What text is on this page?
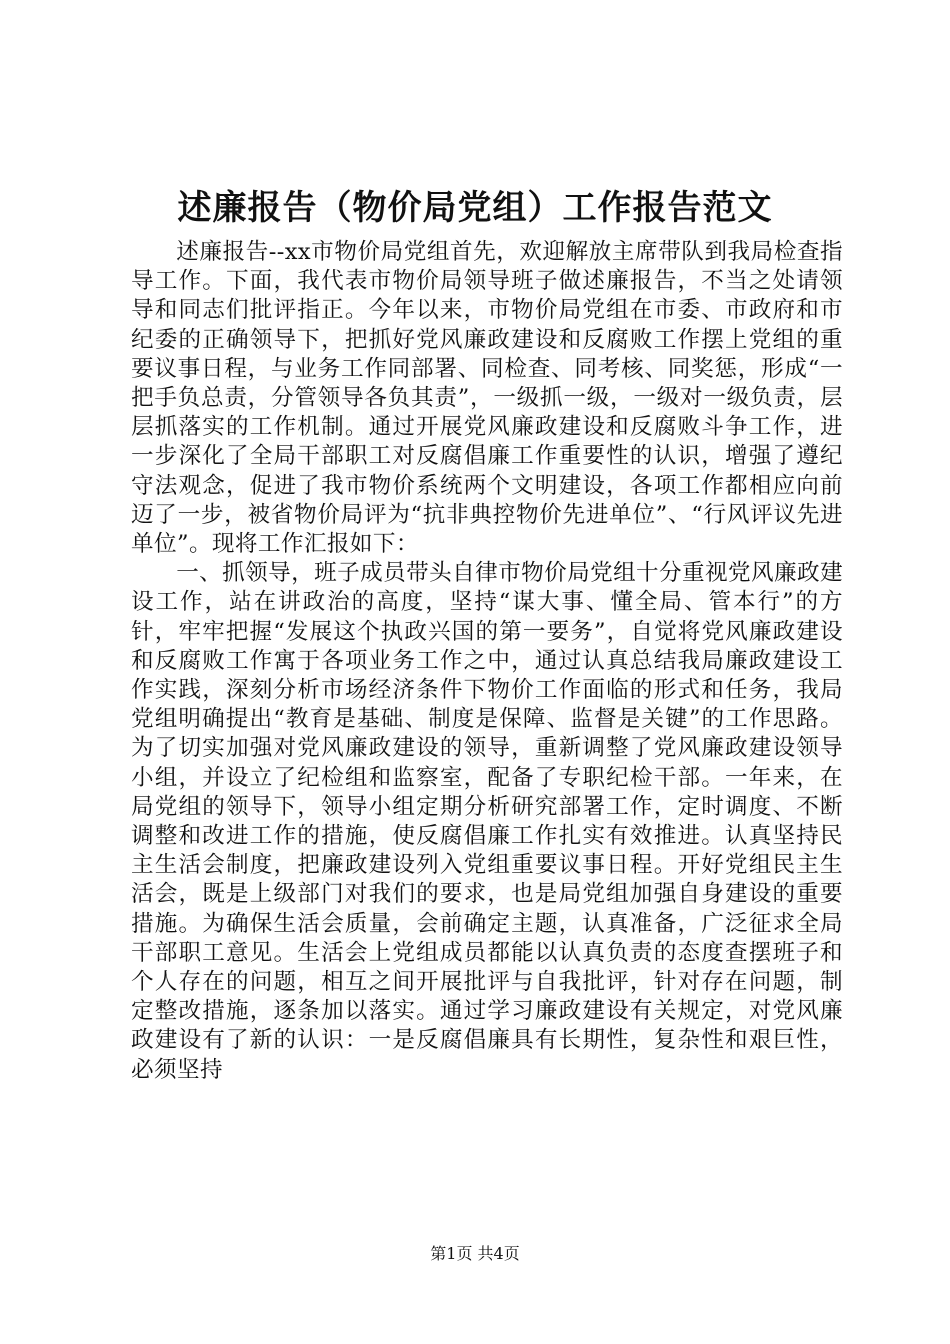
述廉报告（物价局党组）工作报告范文

述廉报告--xx市物价局党组首先，欢迎解放主席带队到我局检查指导工作。下面，我代表市物价局领导班子做述廉报告，不当之处请领导和同志们批评指正。今年以来，市物价局党组在市委、市政府和市纪委的正确领导下，把抓好党风廉政建设和反腐败工作摆上党组的重要议事日程，与业务工作同部署、同检查、同考核、同奖惩，形成“一把手负总责，分管领导各负其责”，一级抓一级，一级对一级负责，层层抓落实的工作机制。通过开展党风廉政建设和反腐败斗争工作，进一步深化了全局干部职工对反腐倡廉工作重要性的认识，增强了遵纪守法观念，促进了我市物价系统两个文明建设，各项工作都相应向前迈了一步，被省物价局评为“抗非典控物价先进单位”、“行风评议先进单位”。现将工作汇报如下：

一、抓领导，班子成员带头自律市物价局党组十分重视党风廉政建设工作，站在讲政治的高度，坚持“谋大事、懂全局、管本行”的方针，牢牢把握“发展这个执政兴国的第一要务”，自觉将党风廉政建设和反腐败工作寓于各项业务工作之中，通过认真总结我局廉政建设工作实践，深刻分析市场经济条件下物价工作面临的形式和任务，我局党组明确提出“教育是基础、制度是保障、监督是关键”的工作思路。为了切实加强对党风廉政建设的领导，重新调整了党风廉政建设领导小组，并设立了纪检组和监察室，配备了专职纪检干部。一年来，在局党组的领导下，领导小组定期分析研究部署工作，定时调度、不断调整和改进工作的措施，使反腐倡廉工作扎实有效推进。认真坚持民主生活会制度，把廉政建设列入党组重要议事日程。开好党组民主生活会，既是上级部门对我们的要求，也是局党组加强自身建设的重要措施。为确保生活会质量，会前确定主题，认真准备，广泛征求全局干部职工意见。生活会上党组成员都能以认真负责的态度查摆班子和个人存在的问题，相互之间开展批评与自我批评，针对存在问题，制定整改措施，逐条加以落实。通过学习廉政建设有关规定，对党风廉政建设有了新的认识：一是反腐倡廉具有长期性，复杂性和艰巨性，必须坚持

第1页 共4页
